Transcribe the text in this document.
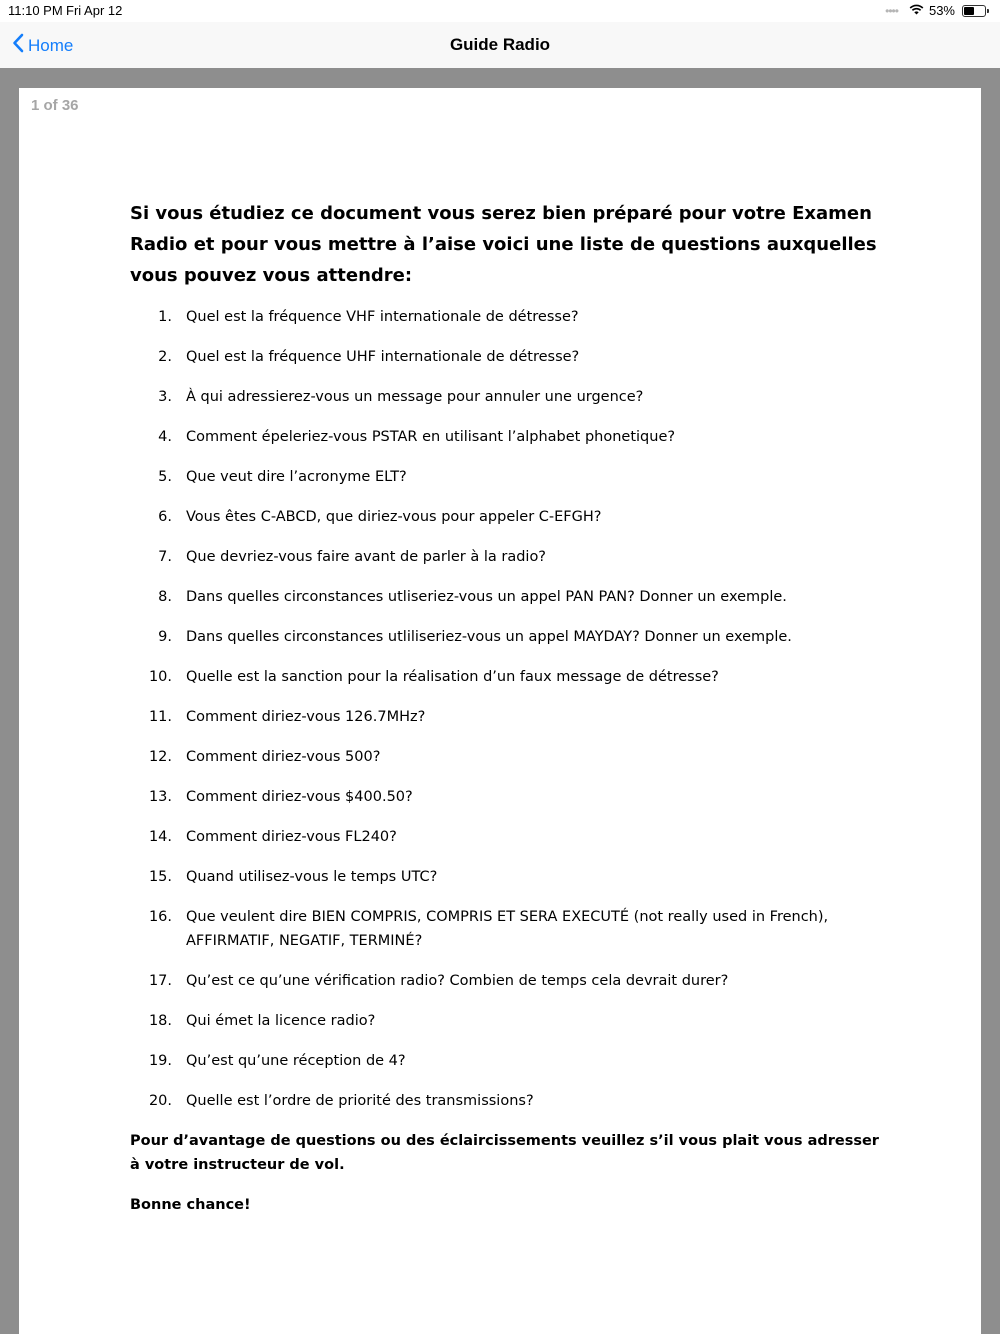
11:10 PM Fri Apr 12	•••• 53%
Home	Guide Radio
1 of 36

Si vous étudiez ce document vous serez bien préparé pour votre Examen Radio et pour vous mettre à l’aise voici une liste de questions auxquelles vous pouvez vous attendre:

1. Quel est la fréquence VHF internationale de détresse?
2. Quel est la fréquence UHF internationale de détresse?
3. À qui adressierez-vous un message pour annuler une urgence?
4. Comment épeleriez-vous PSTAR en utilisant l’alphabet phonetique?
5. Que veut dire l’acronyme ELT?
6. Vous êtes C-ABCD, que diriez-vous pour appeler C-EFGH?
7. Que devriez-vous faire avant de parler à la radio?
8. Dans quelles circonstances utliseriez-vous un appel PAN PAN? Donner un exemple.
9. Dans quelles circonstances utliliseriez-vous un appel MAYDAY? Donner un exemple.
10. Quelle est la sanction pour la réalisation d’un faux message de détresse?
11. Comment diriez-vous 126.7MHz?
12. Comment diriez-vous 500?
13. Comment diriez-vous $400.50?
14. Comment diriez-vous FL240?
15. Quand utilisez-vous le temps UTC?
16. Que veulent dire BIEN COMPRIS, COMPRIS ET SERA EXECUTÉ (not really used in French), AFFIRMATIF, NEGATIF, TERMINÉ?
17. Qu’est ce qu’une vérification radio? Combien de temps cela devrait durer?
18. Qui émet la licence radio?
19. Qu’est qu’une réception de 4?
20. Quelle est l’ordre de priorité des transmissions?

Pour d’avantage de questions ou des éclaircissements veuillez s’il vous plait vous adresser à votre instructeur de vol.

Bonne chance!
